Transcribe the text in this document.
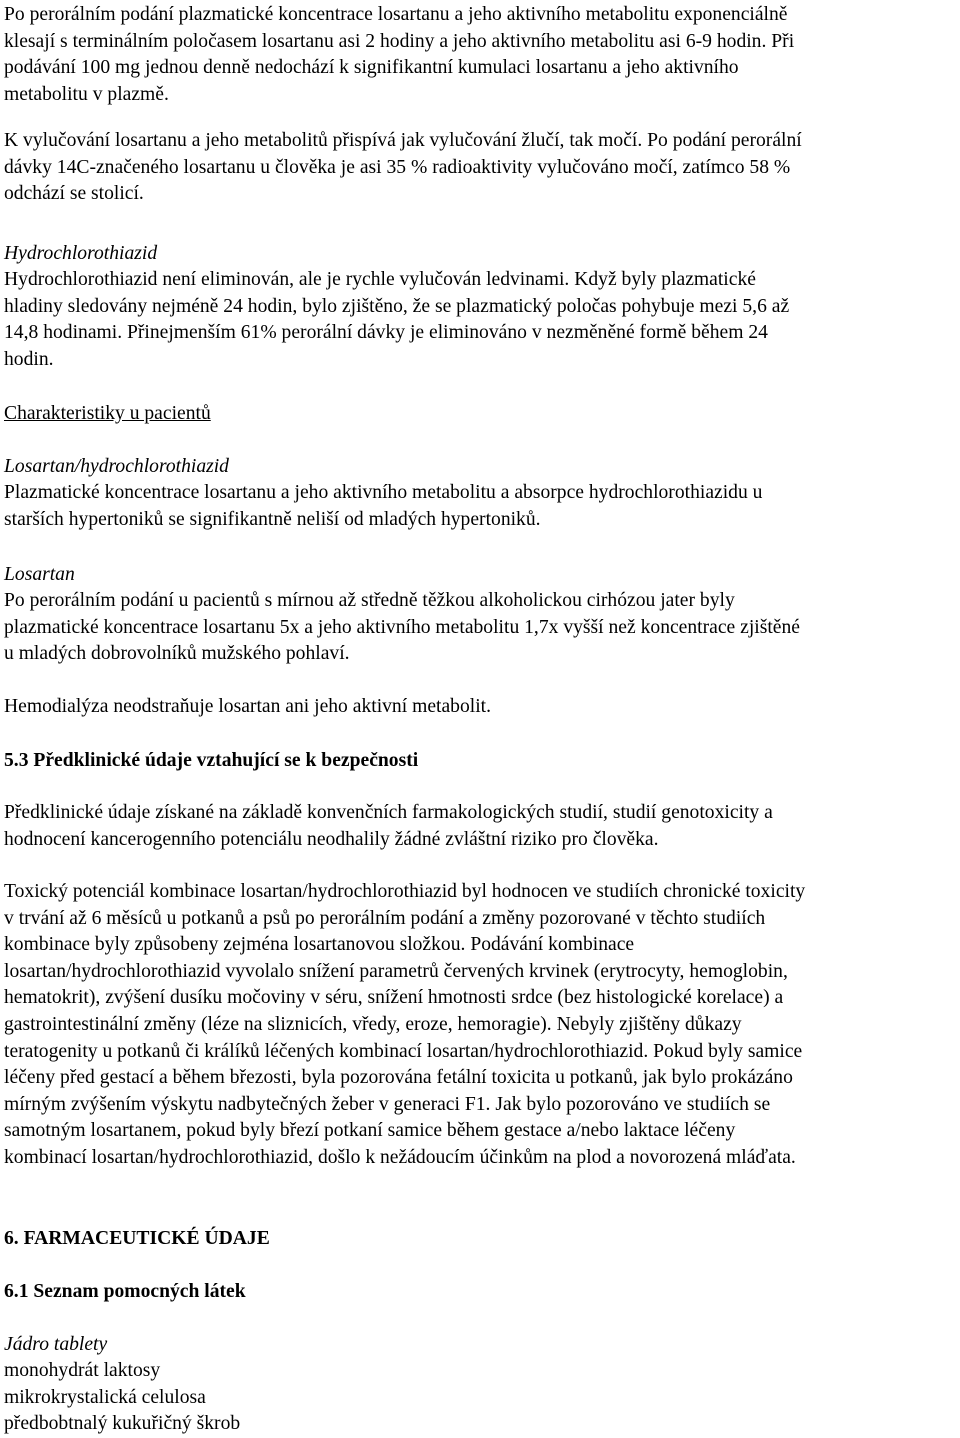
Po perorálním podání plazmatické koncentrace losartanu a jeho aktivního metabolitu exponenciálně
klesají s terminálním poločasem losartanu asi 2 hodiny a jeho aktivního metabolitu asi 6-9 hodin. Při
podávání 100 mg jednou denně nedochází k signifikantní kumulaci losartanu a jeho aktivního
metabolitu v plazmě.

K vylučování losartanu a jeho metabolitů přispívá jak vylučování žlučí, tak močí. Po podání perorální
dávky 14C-značeného losartanu u člověka je asi 35 % radioaktivity vylučováno močí, zatímco 58 %
odchází se stolicí.

Hydrochlorothiazid

Hydrochlorothiazid není eliminován, ale je rychle vylučován ledvinami. Když byly plazmatické
hladiny sledovány nejméně 24 hodin, bylo zjištěno, že se plazmatický poločas pohybuje mezi 5,6 až
14,8 hodinami. Přinejmenším 61% perorální dávky je eliminováno v nezměněné formě během 24
hodin.

Charakteristiky u pacientů

Losartan/hydrochlorothiazid

Plazmatické koncentrace losartanu a jeho aktivního metabolitu a absorpce hydrochlorothiazidu u
starších hypertoniků se signifikantně neliší od mladých hypertoniků.

Losartan

Po perorálním podání u pacientů s mírnou až středně těžkou alkoholickou cirhózou jater byly
plazmatické koncentrace losartanu 5x a jeho aktivního metabolitu 1,7x vyšší než koncentrace zjištěné
u mladých dobrovolníků mužského pohlaví.

Hemodialýza neodstraňuje losartan ani jeho aktivní metabolit.

5.3 Předklinické údaje vztahující se k bezpečnosti

Předklinické údaje získané na základě konvenčních farmakologických studií, studií genotoxicity a
hodnocení kancerogenního potenciálu neodhalily žádné zvláštní riziko pro člověka.

Toxický potenciál kombinace losartan/hydrochlorothiazid byl hodnocen ve studiích chronické toxicity
v trvání až 6 měsíců u potkanů a psů po perorálním podání a změny pozorované v těchto studiích
kombinace byly způsobeny zejména losartanovou složkou. Podávání kombinace
losartan/hydrochlorothiazid vyvolalo snížení parametrů červených krvinek (erytrocyty, hemoglobin,
hematokrit), zvýšení dusíku močoviny v séru, snížení hmotnosti srdce (bez histologické korelace) a
gastrointestinální změny (léze na sliznicích, vředy, eroze, hemoragie). Nebyly zjištěny důkazy
teratogenity u potkanů či králíků léčených kombinací losartan/hydrochlorothiazid. Pokud byly samice
léčeny před gestací a během březosti, byla pozorována fetální toxicita u potkanů, jak bylo prokázáno
mírným zvýšením výskytu nadbytečných žeber v generaci F1. Jak bylo pozorováno ve studiích se
samotným losartanem, pokud byly březí potkaní samice během gestace a/nebo laktace léčeny
kombinací losartan/hydrochlorothiazid, došlo k nežádoucím účinkům na plod a novorozená mláďata.

6. FARMACEUTICKÉ ÚDAJE

6.1 Seznam pomocných látek

Jádro tablety

monohydrát laktosy
mikrokrystalická celulosa
předbobtnalý kukuřičný škrob
